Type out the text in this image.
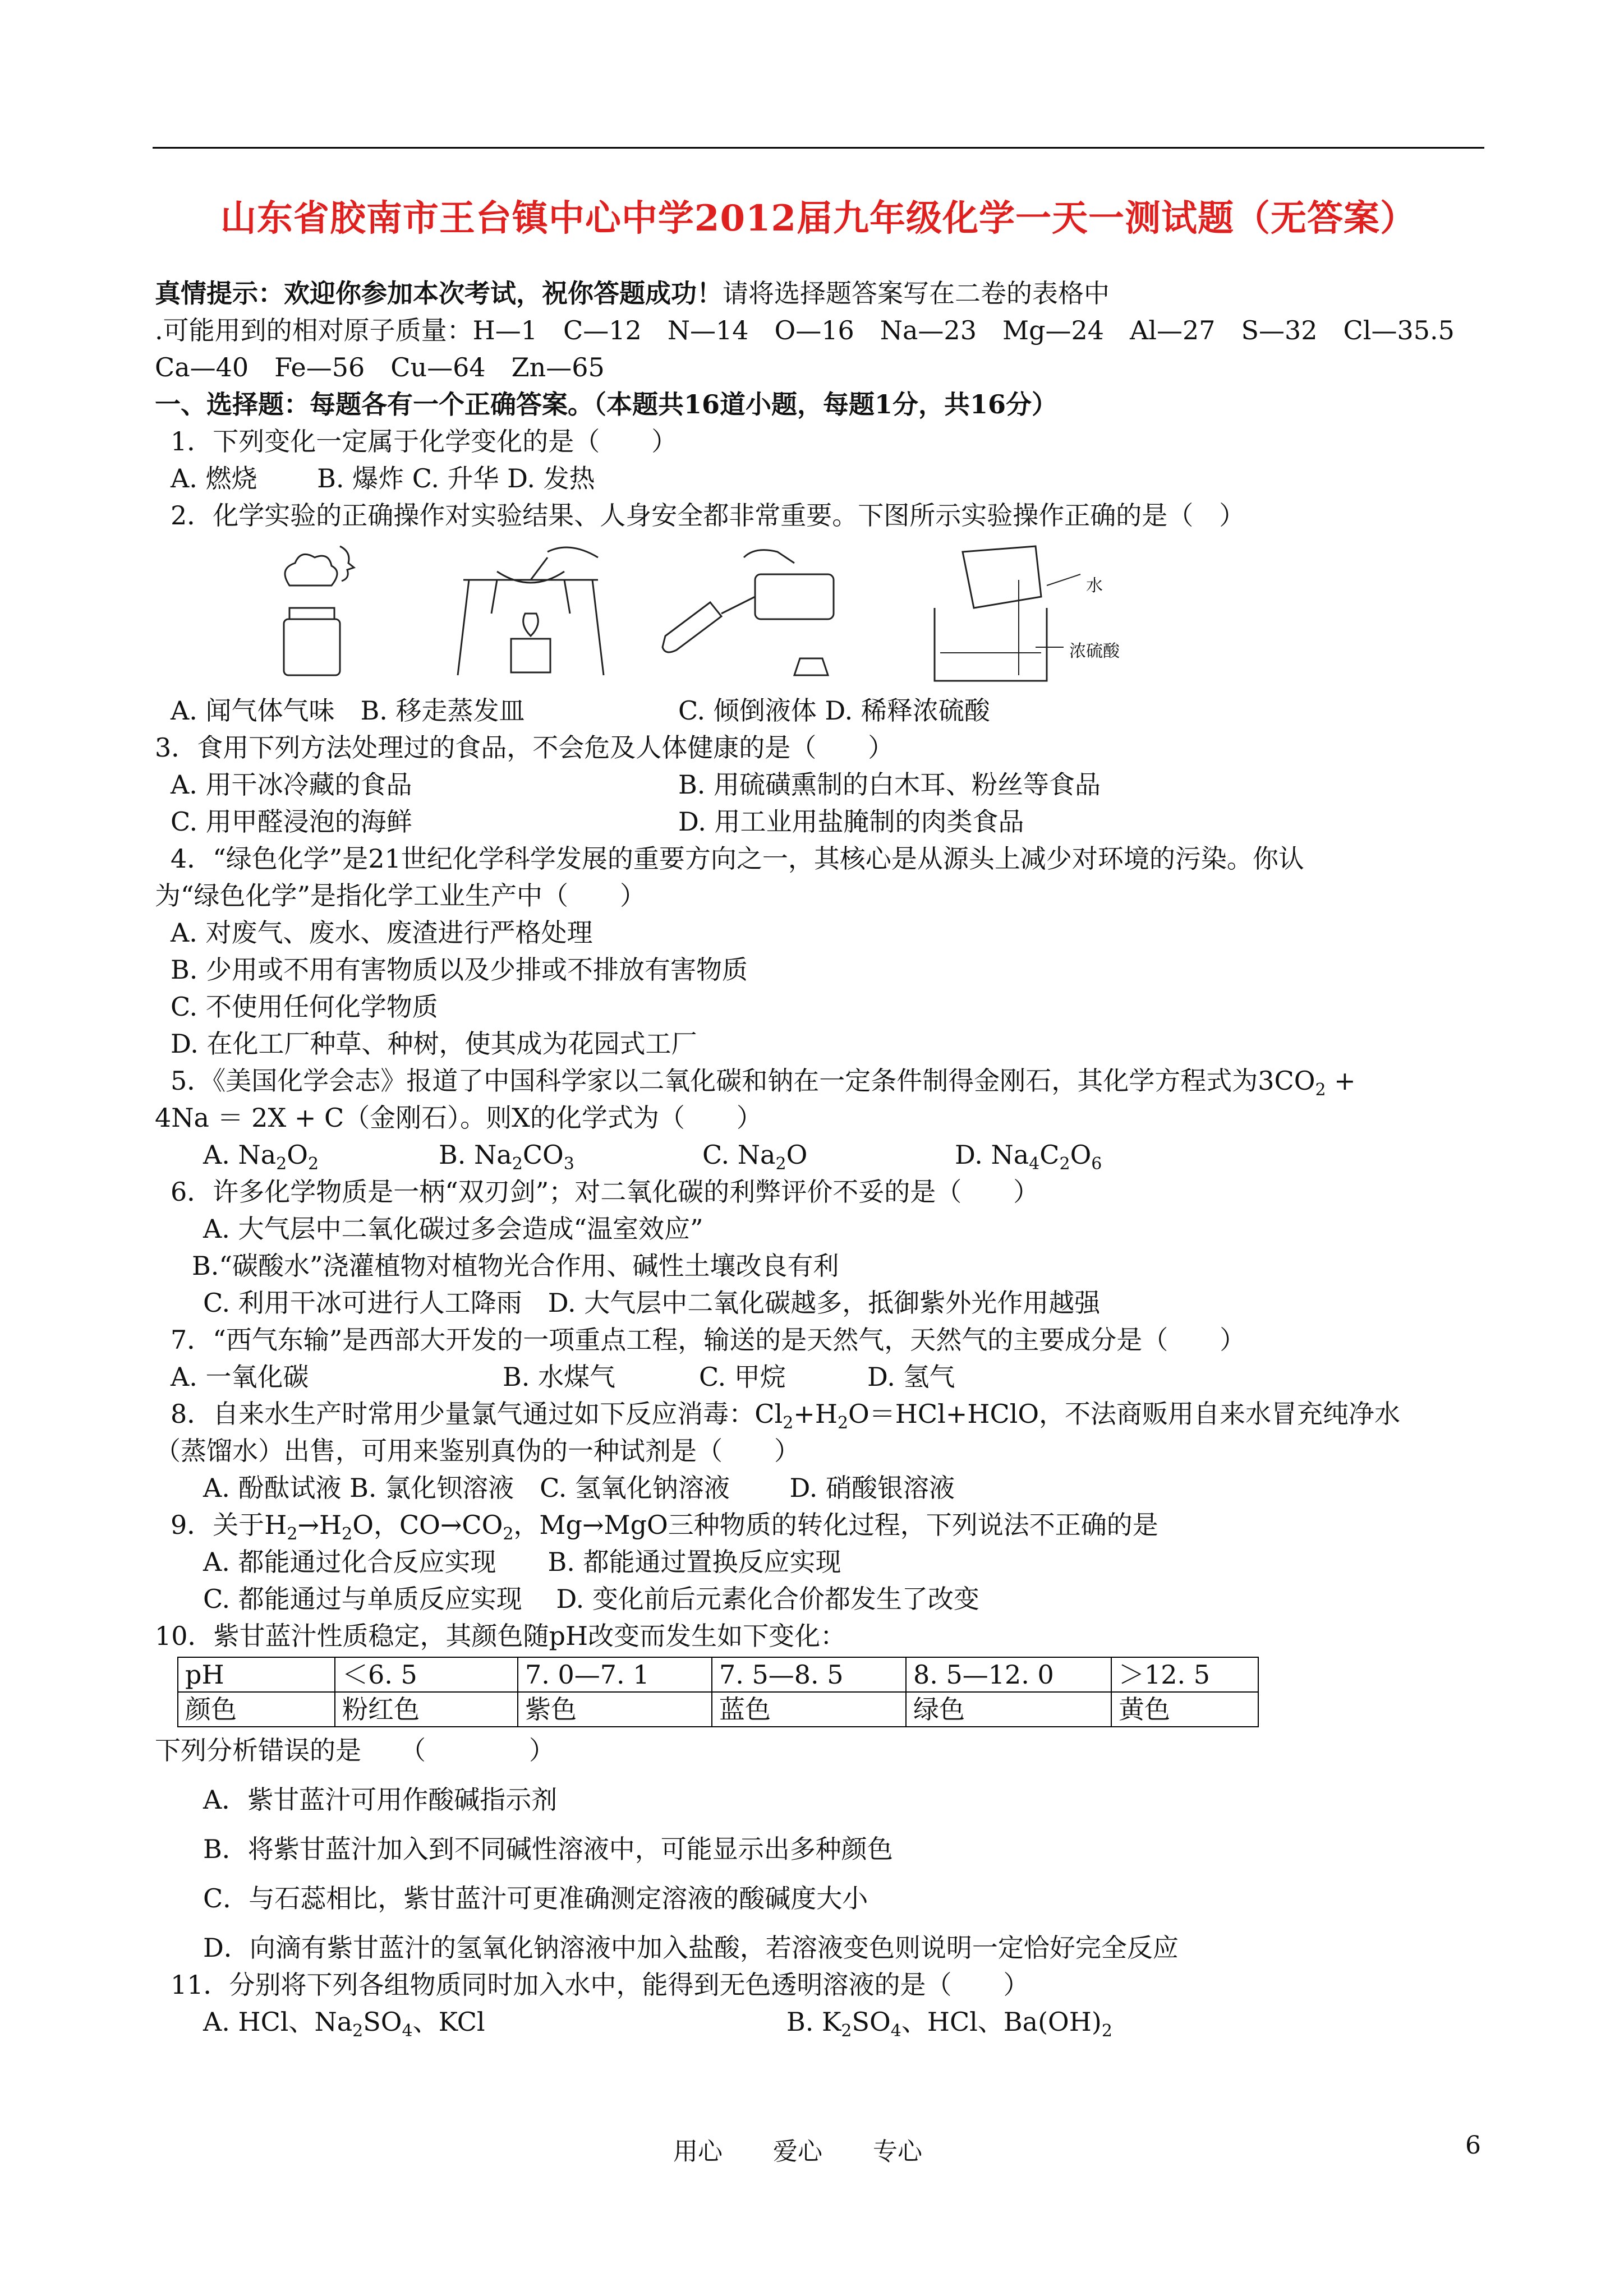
山东省胶南市王台镇中心中学2012届九年级化学一天一测试题（无答案）
真情提示：欢迎你参加本次考试，祝你答题成功！请将选择题答案写在二卷的表格中
.可能用到的相对原子质量：H—1　C—12　N—14　O—16　Na—23　Mg—24　Al—27　S—32　Cl—35.5
Ca—40　Fe—56　Cu—64　Zn—65
一、选择题：每题各有一个正确答案。（本题共16道小题，每题1分，共16分）
1．下列变化一定属于化学变化的是（　　）
A. 燃烧　　 B. 爆炸 C. 升华 D. 发热
2．化学实验的正确操作对实验结果、人身安全都非常重要。下图所示实验操作正确的是（　）
水
浓硫酸
A. 闻气体气味　B. 移走蒸发皿	C. 倾倒液体 D. 稀释浓硫酸
3．食用下列方法处理过的食品，不会危及人体健康的是（　　）
A. 用干冰冷藏的食品	B. 用硫磺熏制的白木耳、粉丝等食品
C. 用甲醛浸泡的海鲜	D. 用工业用盐腌制的肉类食品
4．“绿色化学”是21世纪化学科学发展的重要方向之一，其核心是从源头上减少对环境的污染。你认
为“绿色化学”是指化学工业生产中（　　）
A. 对废气、废水、废渣进行严格处理
B. 少用或不用有害物质以及少排或不排放有害物质
C. 不使用任何化学物质
D. 在化工厂种草、种树，使其成为花园式工厂
5．《美国化学会志》报道了中国科学家以二氧化碳和钠在一定条件制得金刚石，其化学方程式为$3CO_2$ +
4Na ＝ 2X + C（金刚石）。则X的化学式为（　　）
A. $Na_2O_2$	B. $Na_2CO_3$	C. $Na_2O$	D. $Na_4C_2O_6$
6．许多化学物质是一柄“双刃剑”；对二氧化碳的利弊评价不妥的是（　　）
A. 大气层中二氧化碳过多会造成“温室效应”
B.“碳酸水”浇灌植物对植物光合作用、碱性土壤改良有利
C. 利用干冰可进行人工降雨　D. 大气层中二氧化碳越多，抵御紫外光作用越强
7．“西气东输”是西部大开发的一项重点工程，输送的是天然气，天然气的主要成分是（　　）
A. 一氧化碳	B. 水煤气	C. 甲烷	D. 氢气
8．自来水生产时常用少量氯气通过如下反应消毒：$Cl_2+H_2O=HCl+HClO$，不法商贩用自来水冒充纯净水
（蒸馏水）出售，可用来鉴别真伪的一种试剂是（　　）
A. 酚酞试液 B. 氯化钡溶液　C. 氢氧化钠溶液　　 D. 硝酸银溶液
9．关于$H_2\to H_2O$，$CO\to CO_2$，Mg→MgO三种物质的转化过程，下列说法不正确的是
A. 都能通过化合反应实现　　B. 都能通过置换反应实现
C. 都能通过与单质反应实现　 D. 变化前后元素化合价都发生了改变
10．紫甘蓝汁性质稳定，其颜色随pH改变而发生如下变化：
pH	＜6. 5	7. 0—7. 1	7. 5—8. 5	8. 5—12. 0	＞12. 5
颜色	粉红色	紫色	蓝色	绿色	黄色
下列分析错误的是　　（　　　　）
A．紫甘蓝汁可用作酸碱指示剂
B．将紫甘蓝汁加入到不同碱性溶液中，可能显示出多种颜色
C．与石蕊相比，紫甘蓝汁可更准确测定溶液的酸碱度大小
D．向滴有紫甘蓝汁的氢氧化钠溶液中加入盐酸，若溶液变色则说明一定恰好完全反应
11．分别将下列各组物质同时加入水中，能得到无色透明溶液的是（　　）
A. HCl、$Na_2SO_4$、KCl	B. $K_2SO_4$、HCl、$Ba(OH)_2$
用心 爱心 专心	6
